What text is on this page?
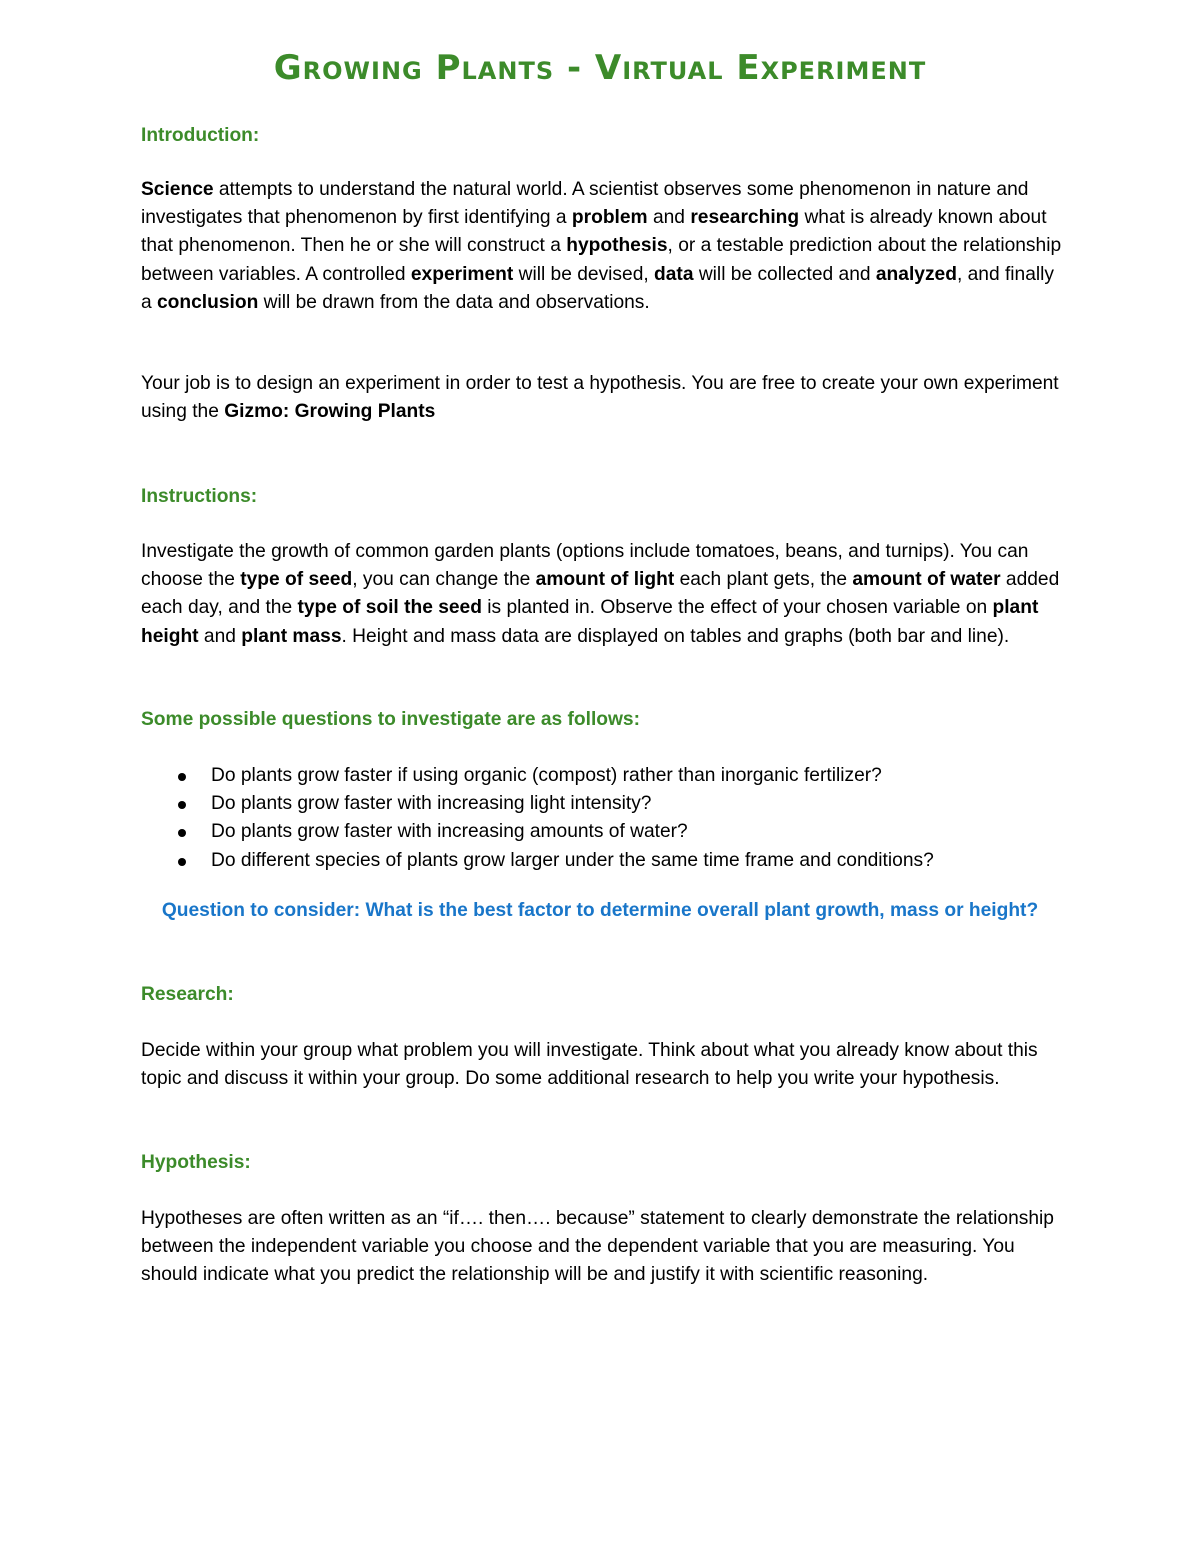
Growing Plants - Virtual Experiment
Introduction:

Science attempts to understand the natural world. A scientist observes some phenomenon in nature and investigates that phenomenon by first identifying a problem and researching what is already known about that phenomenon. Then he or she will construct a hypothesis, or a testable prediction about the relationship between variables. A controlled experiment will be devised, data will be collected and analyzed, and finally a conclusion will be drawn from the data and observations.

Your job is to design an experiment in order to test a hypothesis. You are free to create your own experiment using the Gizmo: Growing Plants

Instructions:

Investigate the growth of common garden plants (options include tomatoes, beans, and turnips). You can choose the type of seed, you can change the amount of light each plant gets, the amount of water added each day, and the type of soil the seed is planted in. Observe the effect of your chosen variable on plant height and plant mass. Height and mass data are displayed on tables and graphs (both bar and line).

Some possible questions to investigate are as follows:
Do plants grow faster if using organic (compost) rather than inorganic fertilizer?
Do plants grow faster with increasing light intensity?
Do plants grow faster with increasing amounts of water?
Do different species of plants grow larger under the same time frame and conditions?
Question to consider: What is the best factor to determine overall plant growth, mass or height?
Research:

Decide within your group what problem you will investigate. Think about what you already know about this topic and discuss it within your group. Do some additional research to help you write your hypothesis.

Hypothesis:

Hypotheses are often written as an “if…. then…. because” statement to clearly demonstrate the relationship between the independent variable you choose and the dependent variable that you are measuring. You should indicate what you predict the relationship will be and justify it with scientific reasoning.
